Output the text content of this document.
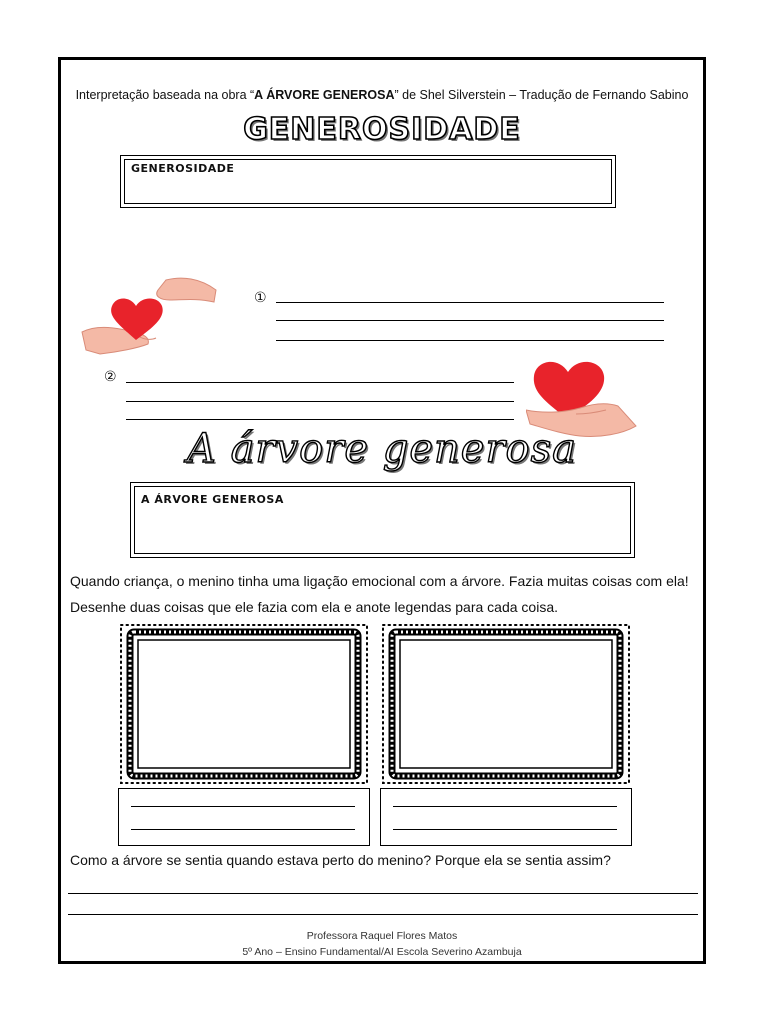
Interpretação baseada na obra “A ÁRVORE GENEROSA” de Shel Silverstein – Tradução de Fernando Sabino
GENEROSIDADE
GENEROSIDADE
①
②
A árvore generosa
A ÁRVORE GENEROSA
Quando criança, o menino tinha uma ligação emocional com a árvore. Fazia muitas coisas com ela! Desenhe duas coisas que ele fazia com ela e anote legendas para cada coisa.
Como a árvore se sentia quando estava perto do menino? Porque ela se sentia assim?
Professora Raquel Flores Matos
5º Ano – Ensino Fundamental/AI Escola Severino Azambuja
